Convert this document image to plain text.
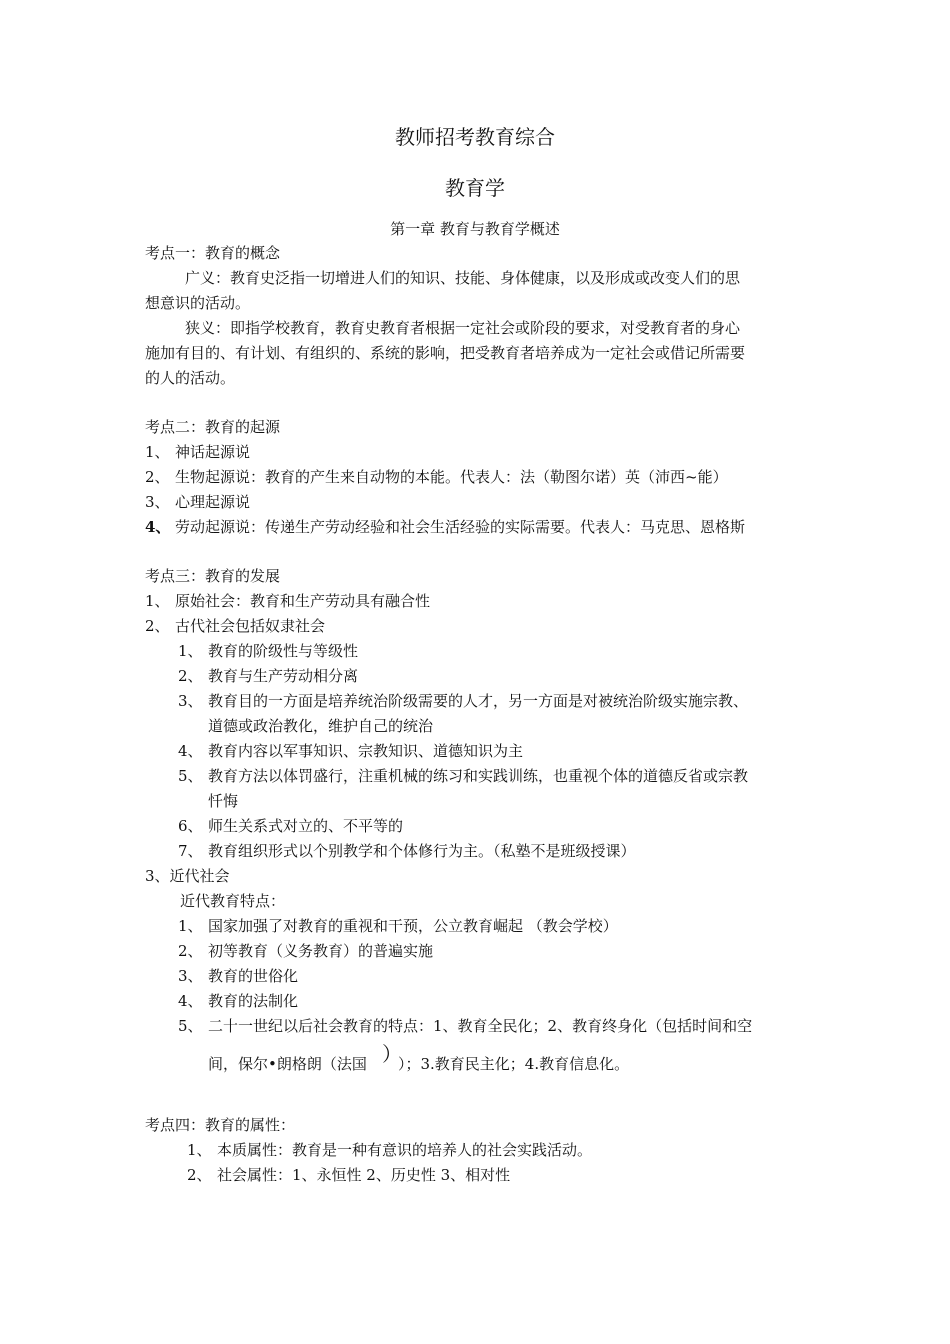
教师招考教育综合
教育学
第一章 教育与教育学概述
考点一：教育的概念
广义：教育史泛指一切增进人们的知识、技能、身体健康，以及形成或改变人们的思
想意识的活动。
狭义：即指学校教育，教育史教育者根据一定社会或阶段的要求，对受教育者的身心
施加有目的、有计划、有组织的、系统的影响，把受教育者培养成为一定社会或借记所需要
的人的活动。
考点二：教育的起源
1、 神话起源说
2、 生物起源说：教育的产生来自动物的本能。代表人：法（勒图尔诺）英（沛西~能）
3、 心理起源说
4、 劳动起源说：传递生产劳动经验和社会生活经验的实际需要。代表人：马克思、恩格斯
考点三：教育的发展
1、 原始社会：教育和生产劳动具有融合性
2、 古代社会包括奴隶社会
1、 教育的阶级性与等级性
2、 教育与生产劳动相分离
3、 教育目的一方面是培养统治阶级需要的人才，另一方面是对被统治阶级实施宗教、
道德或政治教化，维护自己的统治
4、 教育内容以军事知识、宗教知识、道德知识为主
5、 教育方法以体罚盛行，注重机械的练习和实践训练，也重视个体的道德反省或宗教
忏悔
6、 师生关系式对立的、不平等的
7、 教育组织形式以个别教学和个体修行为主。（私塾不是班级授课）
3、近代社会
近代教育特点：
1、 国家加强了对教育的重视和干预，公立教育崛起 （教会学校）
2、 初等教育（义务教育）的普遍实施
3、 教育的世俗化
4、 教育的法制化
5、 二十一世纪以后社会教育的特点：1、教育全民化；2、教育终身化（包括时间和空
间，保尔•朗格朗（法国 ）
）；3.教育民主化；4.教育信息化。
考点四：教育的属性：
1、 本质属性：教育是一种有意识的培养人的社会实践活动。
2、 社会属性：1、永恒性 2、历史性 3、相对性
